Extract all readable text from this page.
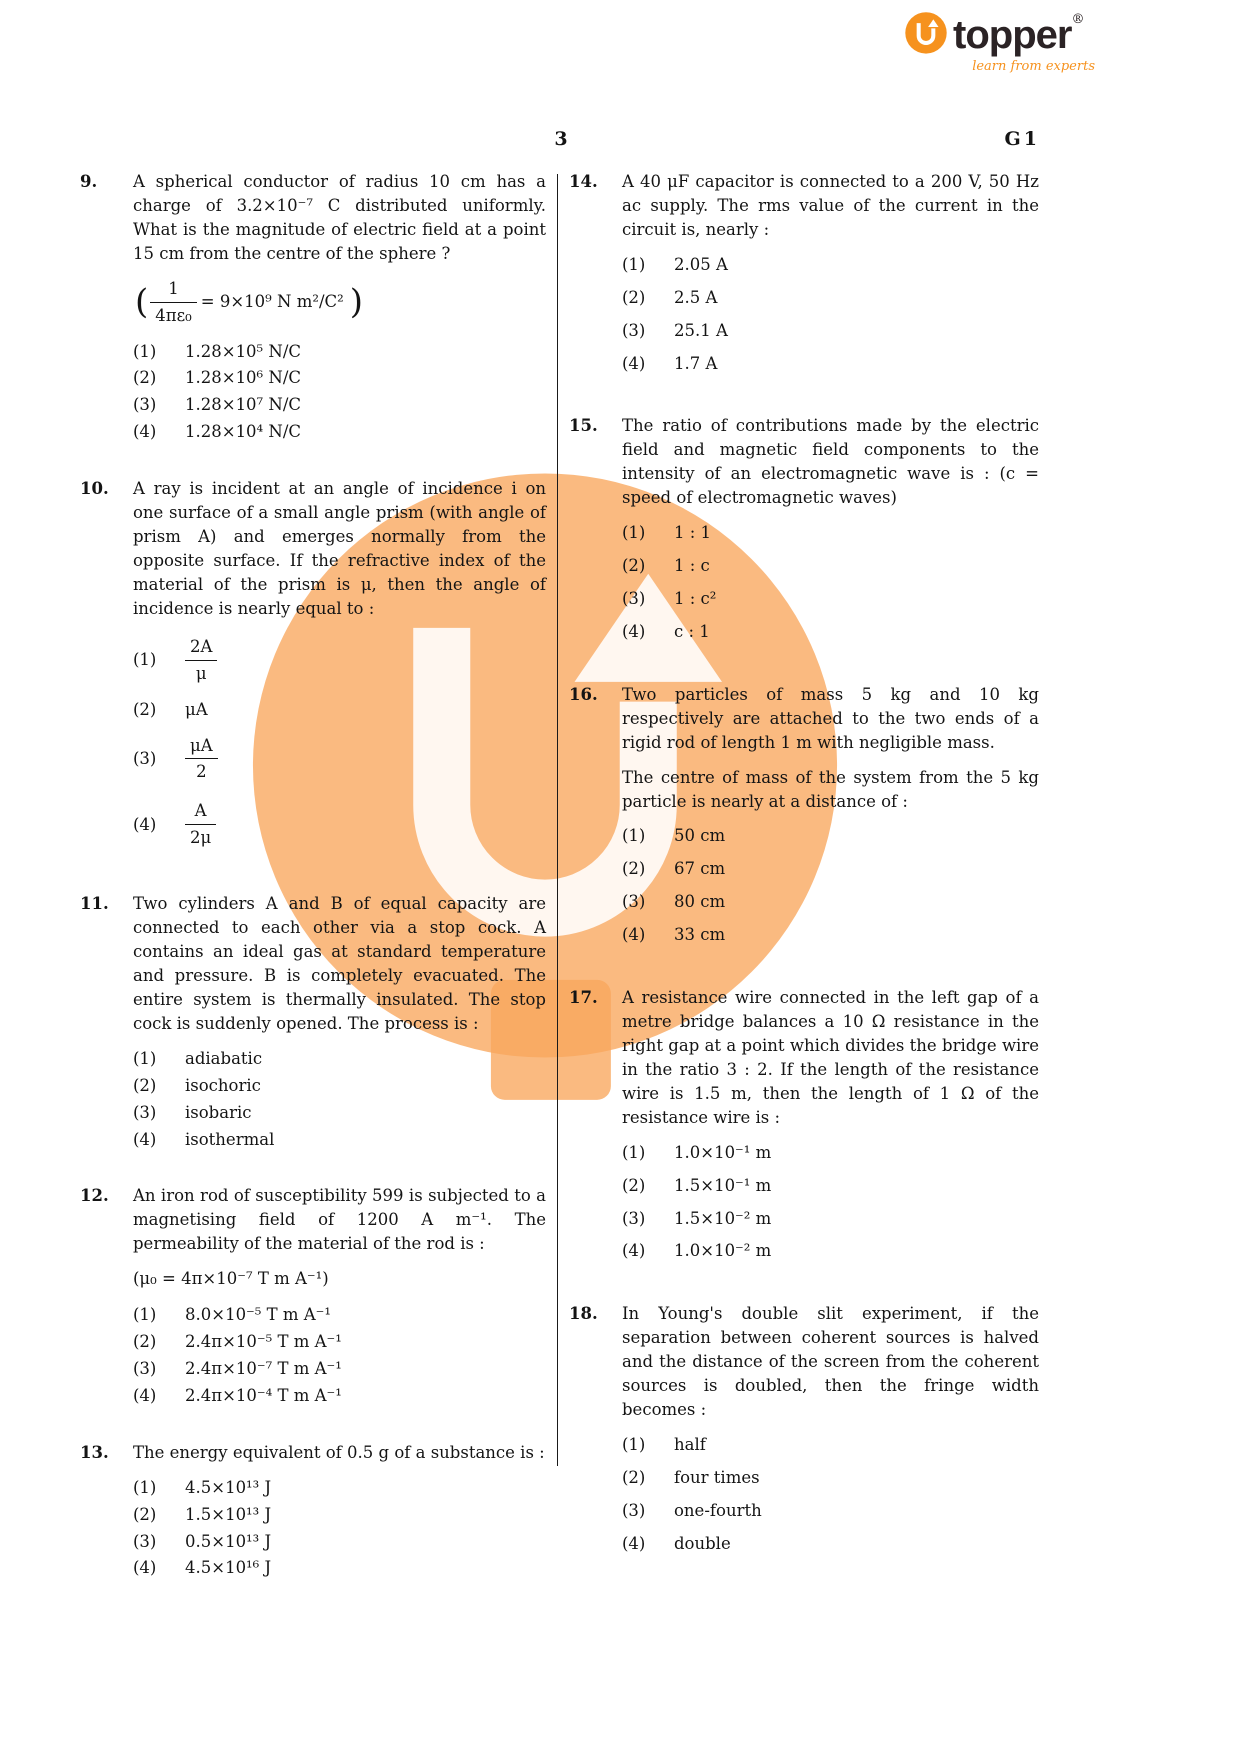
topper ®
learn from experts
3	G1
9.	A spherical conductor of radius 10 cm has a charge of 3.2×10⁻⁷ C distributed uniformly. What is the magnitude of electric field at a point 15 cm from the centre of the sphere ?

( $\frac{1}{\text{4πε₀}} = 9\times 10^9$ N m²/C² )
(1)	1.28×10⁵ N/C
(2)	1.28×10⁶ N/C
(3)	1.28×10⁷ N/C
(4)	1.28×10⁴ N/C
10.	A ray is incident at an angle of incidence i on one surface of a small angle prism (with angle of prism A) and emerges normally from the opposite surface. If the refractive index of the material of the prism is μ, then the angle of incidence is nearly equal to :

(1)	$\frac{2A}{\mu}$
(2)	μA
(3)	$\frac{\mu A}{2}$
(4)	$\frac{A}{2\mu}$
11.	Two cylinders A and B of equal capacity are connected to each other via a stop cock. A contains an ideal gas at standard temperature and pressure. B is completely evacuated. The entire system is thermally insulated. The stop cock is suddenly opened. The process is :

(1)	adiabatic
(2)	isochoric
(3)	isobaric
(4)	isothermal
12.	An iron rod of susceptibility 599 is subjected to a magnetising field of 1200 A m⁻¹. The permeability of the material of the rod is :

(μ₀ = 4π×10⁻⁷ T m A⁻¹)
(1)	8.0×10⁻⁵ T m A⁻¹
(2)	2.4π×10⁻⁵ T m A⁻¹
(3)	2.4π×10⁻⁷ T m A⁻¹
(4)	2.4π×10⁻⁴ T m A⁻¹
13.	The energy equivalent of 0.5 g of a substance is :

(1)	4.5×10¹³ J
(2)	1.5×10¹³ J
(3)	0.5×10¹³ J
(4)	4.5×10¹⁶ J
14.	A 40 μF capacitor is connected to a 200 V, 50 Hz ac supply. The rms value of the current in the circuit is, nearly :

(1)	2.05 A
(2)	2.5 A
(3)	25.1 A
(4)	1.7 A
15.	The ratio of contributions made by the electric field and magnetic field components to the intensity of an electromagnetic wave is : (c = speed of electromagnetic waves)

(1)	1 : 1
(2)	1 : c
(3)	1 : c²
(4)	c : 1
16.	Two particles of mass 5 kg and 10 kg respectively are attached to the two ends of a rigid rod of length 1 m with negligible mass.

The centre of mass of the system from the 5 kg particle is nearly at a distance of :

(1)	50 cm
(2)	67 cm
(3)	80 cm
(4)	33 cm
17.	A resistance wire connected in the left gap of a metre bridge balances a 10 Ω resistance in the right gap at a point which divides the bridge wire in the ratio 3 : 2. If the length of the resistance wire is 1.5 m, then the length of 1 Ω of the resistance wire is :

(1)	1.0×10⁻¹ m
(2)	1.5×10⁻¹ m
(3)	1.5×10⁻² m
(4)	1.0×10⁻² m
18.	In Young's double slit experiment, if the separation between coherent sources is halved and the distance of the screen from the coherent sources is doubled, then the fringe width becomes :

(1)	half
(2)	four times
(3)	one-fourth
(4)	double
